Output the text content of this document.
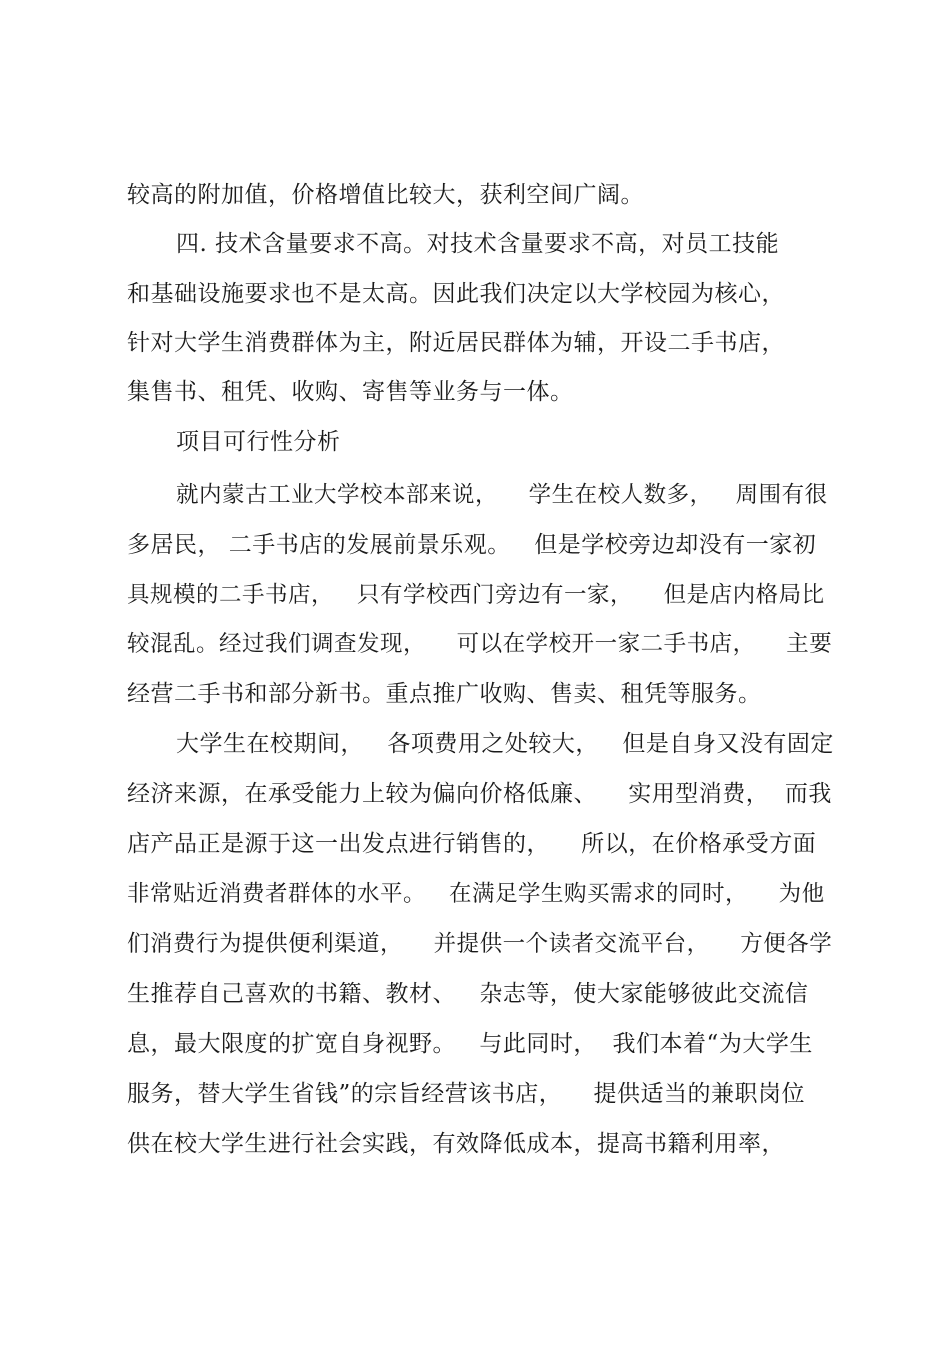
较高的附加值，价格增值比较大，获利空间广阔。
四. 技术含量要求不高。对技术含量要求不高，对员工技能
和基础设施要求也不是太高。因此我们决定以大学校园为核心，
针对大学生消费群体为主，附近居民群体为辅，开设二手书店，
集售书、租凭、收购、寄售等业务与一体。
项目可行性分析
就内蒙古工业大学校本部来说，    学生在校人数多，   周围有很
多居民， 二手书店的发展前景乐观。   但是学校旁边却没有一家初
具规模的二手书店，   只有学校西门旁边有一家，    但是店内格局比
较混乱。经过我们调查发现，    可以在学校开一家二手书店，    主要
经营二手书和部分新书。重点推广收购、售卖、租凭等服务。
大学生在校期间，   各项费用之处较大，   但是自身又没有固定
经济来源，在承受能力上较为偏向价格低廉、    实用型消费，  而我
店产品正是源于这一出发点进行销售的，    所以，在价格承受方面
非常贴近消费者群体的水平。   在满足学生购买需求的同时，    为他
们消费行为提供便利渠道，    并提供一个读者交流平台，    方便各学
生推荐自己喜欢的书籍、教材、   杂志等，使大家能够彼此交流信
息，最大限度的扩宽自身视野。   与此同时，  我们本着“为大学生
服务，替大学生省钱”的宗旨经营该书店，    提供适当的兼职岗位
供在校大学生进行社会实践，有效降低成本，提高书籍利用率，
